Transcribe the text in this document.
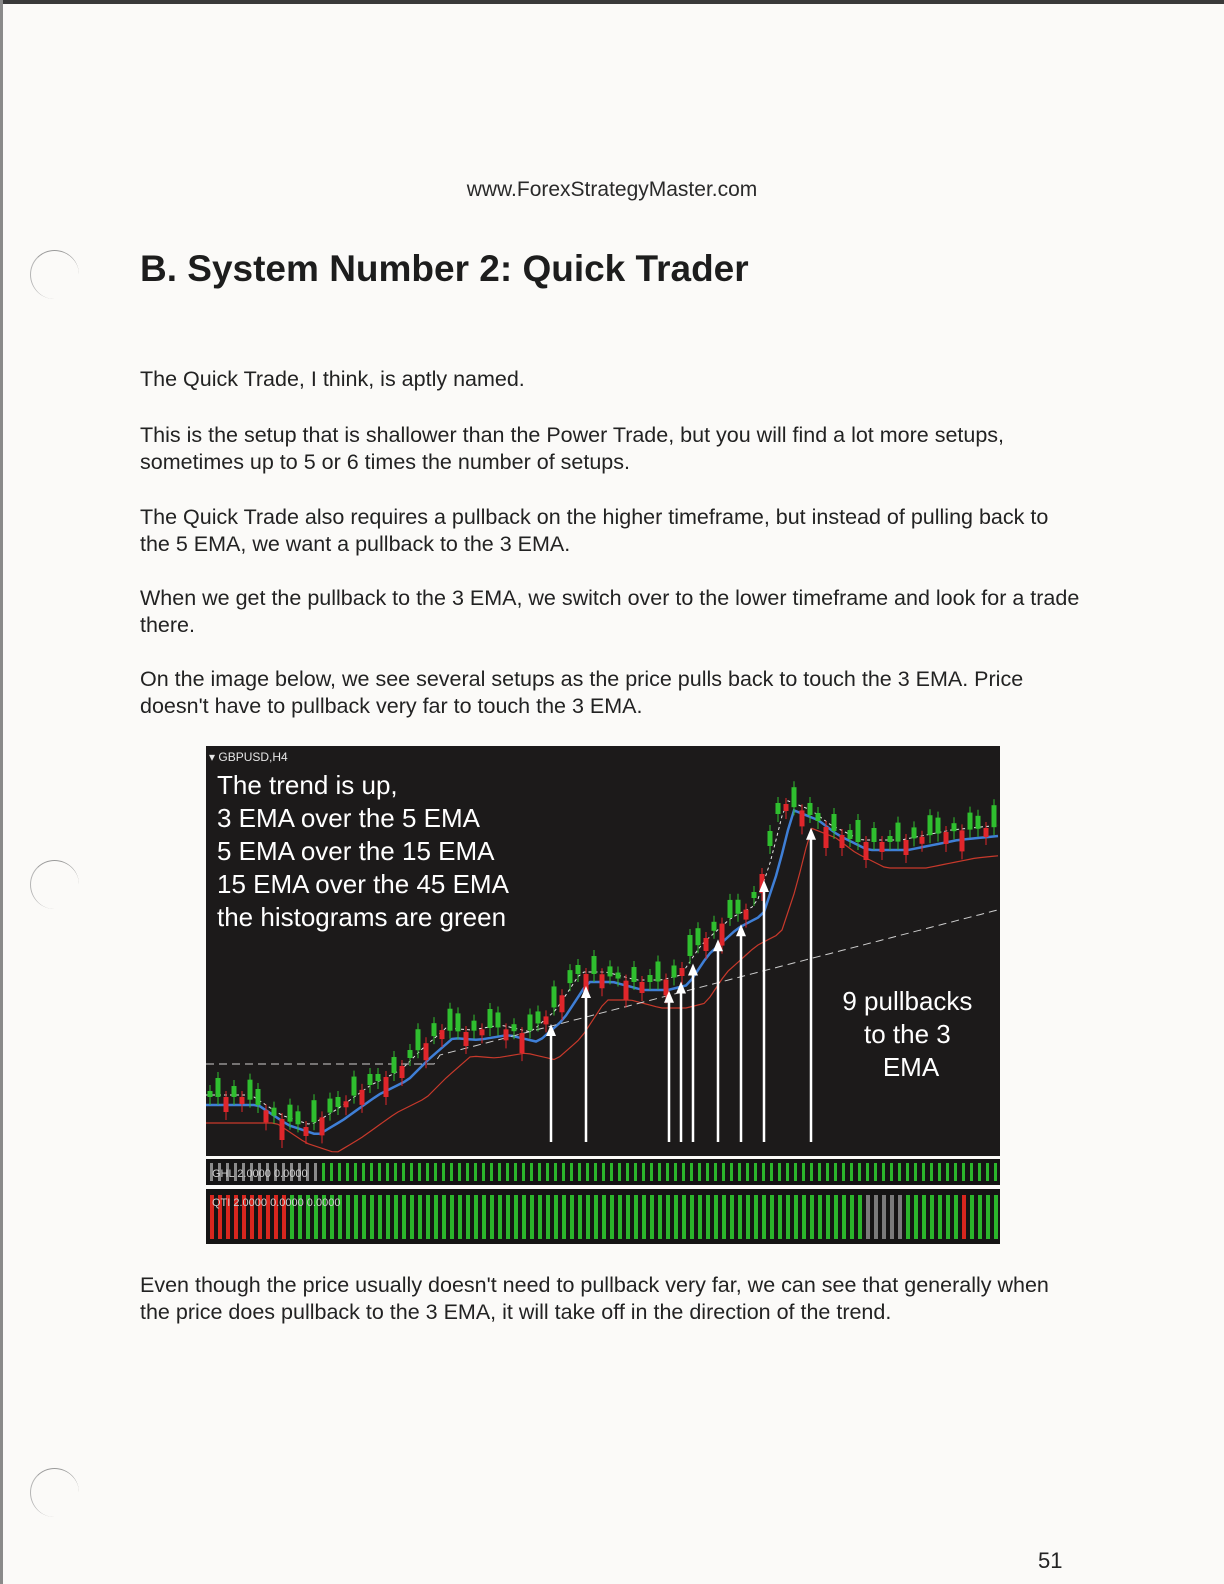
www.ForexStrategyMaster.com
B. System Number 2: Quick Trader

The Quick Trade, I think, is aptly named.

This is the setup that is shallower than the Power Trade, but you will find a lot more setups, sometimes up to 5 or 6 times the number of setups.

The Quick Trade also requires a pullback on the higher timeframe, but instead of pulling back to the 5 EMA, we want a pullback to the 3 EMA.

When we get the pullback to the 3 EMA, we switch over to the lower timeframe and look for a trade there.

On the image below, we see several setups as the price pulls back to touch the 3 EMA. Price doesn't have to pullback very far to touch the 3 EMA.

▾ GBPUSD,H4
The trend is up, 3 EMA over the 5 EMA 5 EMA over the 15 EMA 15 EMA over the 45 EMA the histograms are green
9 pullbacks to the 3 EMA
GHL 2.0000 0.0000
QTI 2.0000 0.0000 0.0000

Even though the price usually doesn't need to pullback very far, we can see that generally when the price does pullback to the 3 EMA, it will take off in the direction of the trend.

51
